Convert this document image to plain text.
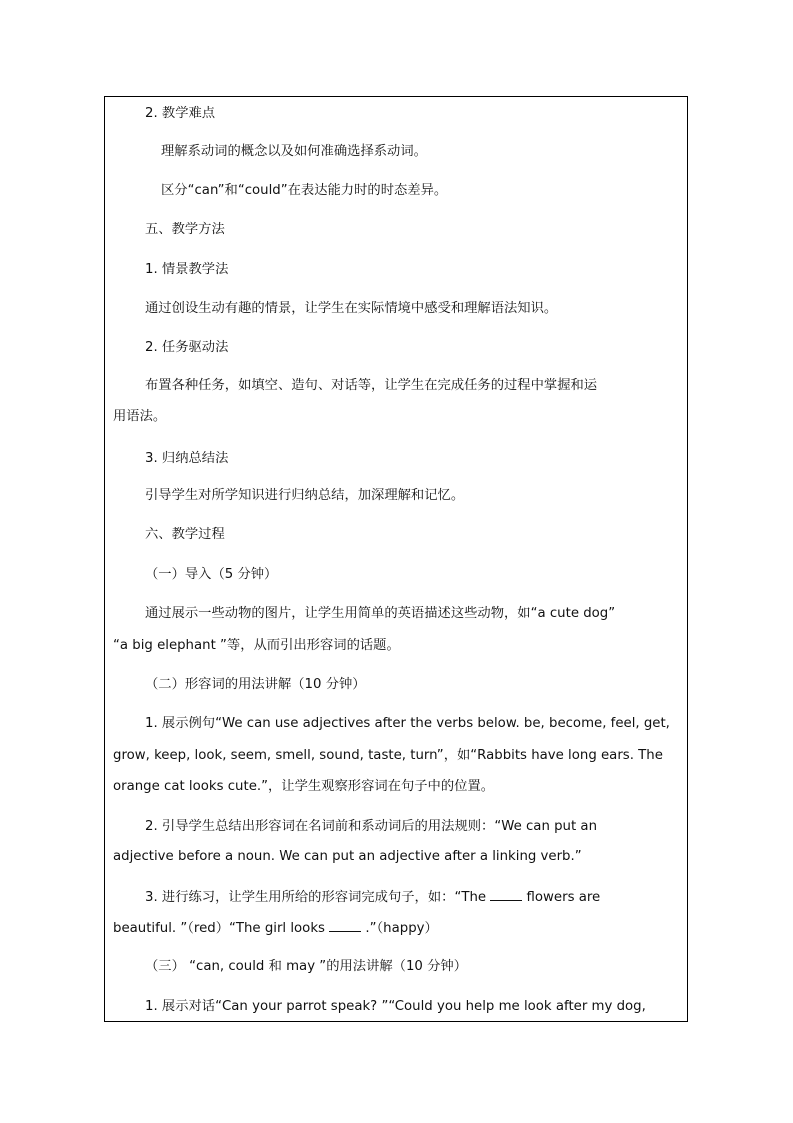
2. 教学难点
理解系动词的概念以及如何准确选择系动词。
区分“can”和“could”在表达能力时的时态差异。
五、教学方法
1. 情景教学法
通过创设生动有趣的情景，让学生在实际情境中感受和理解语法知识。
2. 任务驱动法
布置各种任务，如填空、造句、对话等，让学生在完成任务的过程中掌握和运
用语法。
3. 归纳总结法
引导学生对所学知识进行归纳总结，加深理解和记忆。
六、教学过程
（一）导入（5 分钟）
通过展示一些动物的图片，让学生用简单的英语描述这些动物，如“a cute dog”
“a big elephant ”等，从而引出形容词的话题。
（二）形容词的用法讲解（10 分钟）
1. 展示例句“We can use adjectives after the verbs below. be, become, feel, get,
grow, keep, look, seem, smell, sound, taste, turn”，如“Rabbits have long ears. The
orange cat looks cute.”，让学生观察形容词在句子中的位置。
2. 引导学生总结出形容词在名词前和系动词后的用法规则：“We can put an
adjective before a noun. We can put an adjective after a linking verb.”
3. 进行练习，让学生用所给的形容词完成句子，如：“The	flowers are
beautiful. ”（red）“The girl looks	.”（happy）
（三） “can, could 和 may ”的用法讲解（10 分钟）
1. 展示对话“Can your parrot speak? ”“Could you help me look after my dog,
